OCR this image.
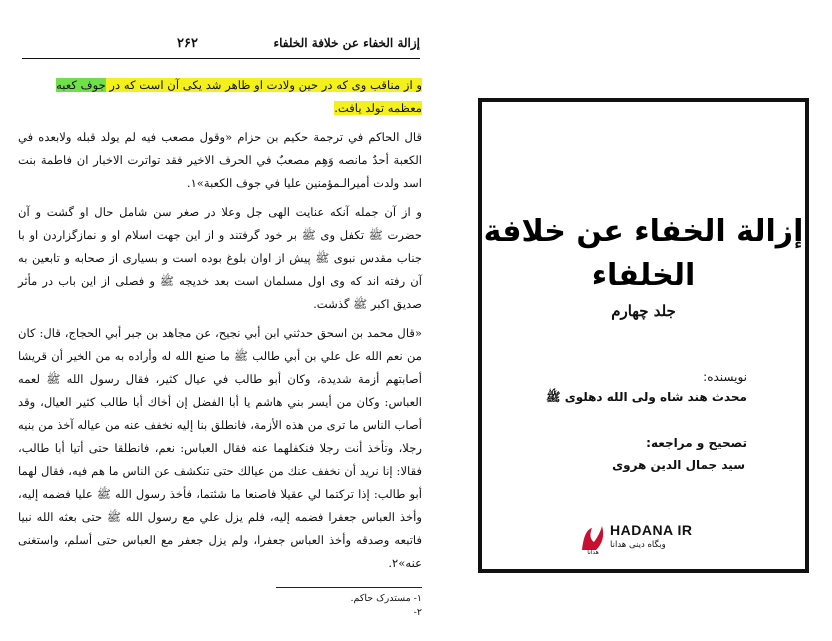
۲۶۲	إزالة الخفاء عن خلافة الخلفاء

و از مناقب وی که در حین ولادت او ظاهر شد یکی آن است که در جوف کعبه
معظمه تولد یافت.

قال الحاكم في ترجمة حكيم بن حزام «وقول مصعب فيه لم يولد قبله ولابعده في الكعبة أحدٌ مانصه وَهِم مصعبٌ في الحرف الاخير فقد تواترت الاخبار ان فاطمة بنت اسد ولدت أميرالـمؤمنين عليا في جوف الكعبة»١.

و از آن جمله آنكه عنايت الهی جل وعلا در صغر سن شامل حال او گشت و آن حضرت ﷺ تكفل وی ﷺ بر خود گرفتند و از اين جهت اسلام او و نمازگزاردن او با جناب مقدس نبوی ﷺ پيش از اوان بلوغ بوده است و بسياری از صحابه و تابعين به آن رفته اند كه وی اول مسلمان است بعد خديجه ﷺ و فصلی از اين باب در مأثر صديق اكبر ﷺ گذشت.

«قال محمد بن اسحق حدثني ابن أبي نجيح، عن مجاهد بن جبر أبي الحجاج، قال: كان من نعم الله عل علي بن أبي طالب ﷺ ما صنع الله له وأراده به من الخير أن قريشا أصابتهم أزمة شديدة، وكان أبو طالب في عيال كثير، فقال رسول الله ﷺ لعمه العباس: وكان من أيسر بني هاشم يا أبا الفضل إن أخاك أبا طالب كثير العيال، وقد أصاب الناس ما ترى من هذه الأزمة، فانطلق بنا إليه نخفف عنه من عياله آخذ من بنيه رجلا، وتأخذ أنت رجلا فنكفلهما عنه فقال العباس: نعم، فانطلقا حتى أتيا أبا طالب، فقالا: إنا نريد أن نخفف عنك من عيالك حتى تنكشف عن الناس ما هم فيه، فقال لهما أبو طالب: إذا تركتما لي عقيلا فاصنعا ما شئتما، فأخذ رسول الله ﷺ عليا فضمه إليه، وأخذ العباس جعفرا فضمه إليه، فلم يزل علي مع رسول الله ﷺ حتى بعثه الله نبيا فاتبعه وصدقه وأخذ العباس جعفرا، ولم يزل جعفر مع العباس حتى أسلم، واستغنى عنه»٢.

١- مستدرک حاکم.
٢-
إزالة الخفاء عن خلافة
الخلفاء
جلد چهارم
نویسنده:
محدث هند شاه ولی الله دهلوی ﷺ
تصحیح و مراجعه:
سید جمال الدین هروی
هدانا
HADANA IR
وبگاه دینی هدانا
